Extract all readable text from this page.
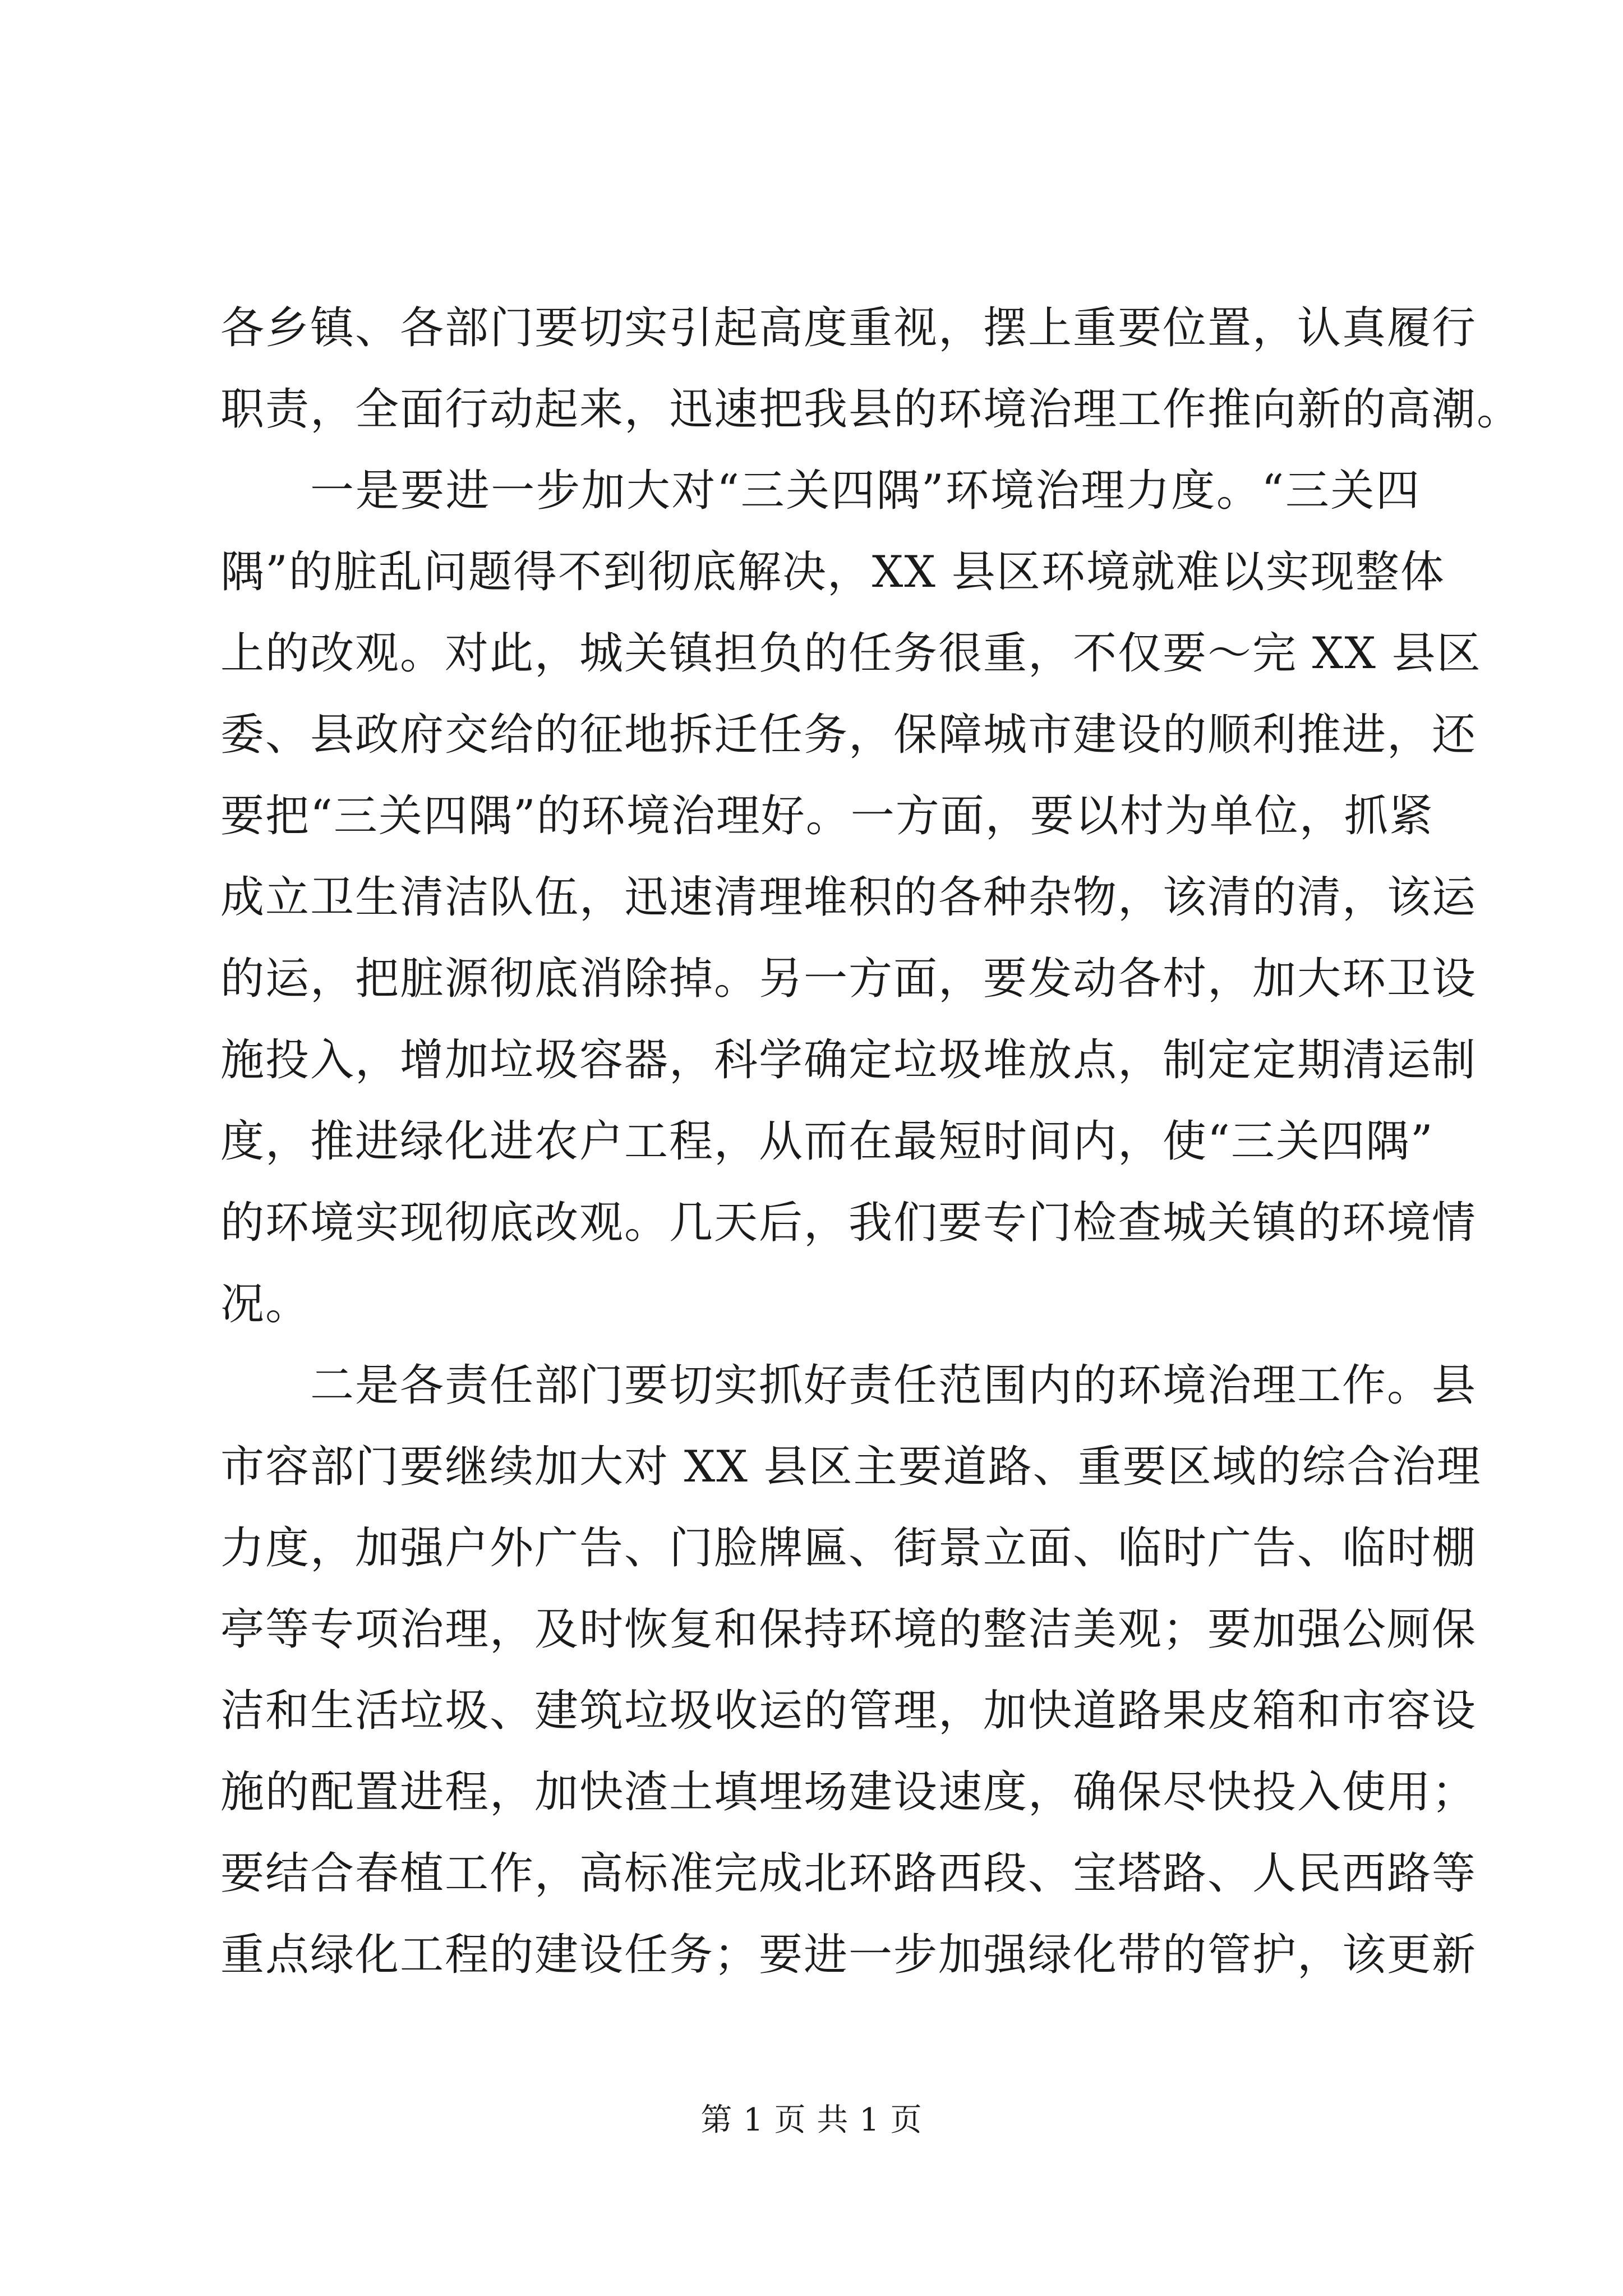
各乡镇、各部门要切实引起高度重视，摆上重要位置，认真履行
职责，全面行动起来，迅速把我县的环境治理工作推向新的高潮。
一是要进一步加大对“三关四隅”环境治理力度。“三关四
隅”的脏乱问题得不到彻底解决，XX 县区环境就难以实现整体
上的改观。对此，城关镇担负的任务很重，不仅要～完 XX 县区
委、县政府交给的征地拆迁任务，保障城市建设的顺利推进，还
要把“三关四隅”的环境治理好。一方面，要以村为单位，抓紧
成立卫生清洁队伍，迅速清理堆积的各种杂物，该清的清，该运
的运，把脏源彻底消除掉。另一方面，要发动各村，加大环卫设
施投入，增加垃圾容器，科学确定垃圾堆放点，制定定期清运制
度，推进绿化进农户工程，从而在最短时间内，使“三关四隅”
的环境实现彻底改观。几天后，我们要专门检查城关镇的环境情
况。
二是各责任部门要切实抓好责任范围内的环境治理工作。县
市容部门要继续加大对 XX 县区主要道路、重要区域的综合治理
力度，加强户外广告、门脸牌匾、街景立面、临时广告、临时棚
亭等专项治理，及时恢复和保持环境的整洁美观；要加强公厕保
洁和生活垃圾、建筑垃圾收运的管理，加快道路果皮箱和市容设
施的配置进程，加快渣土填埋场建设速度，确保尽快投入使用；
要结合春植工作，高标准完成北环路西段、宝塔路、人民西路等
重点绿化工程的建设任务；要进一步加强绿化带的管护，该更新
第 1 页 共 1 页
